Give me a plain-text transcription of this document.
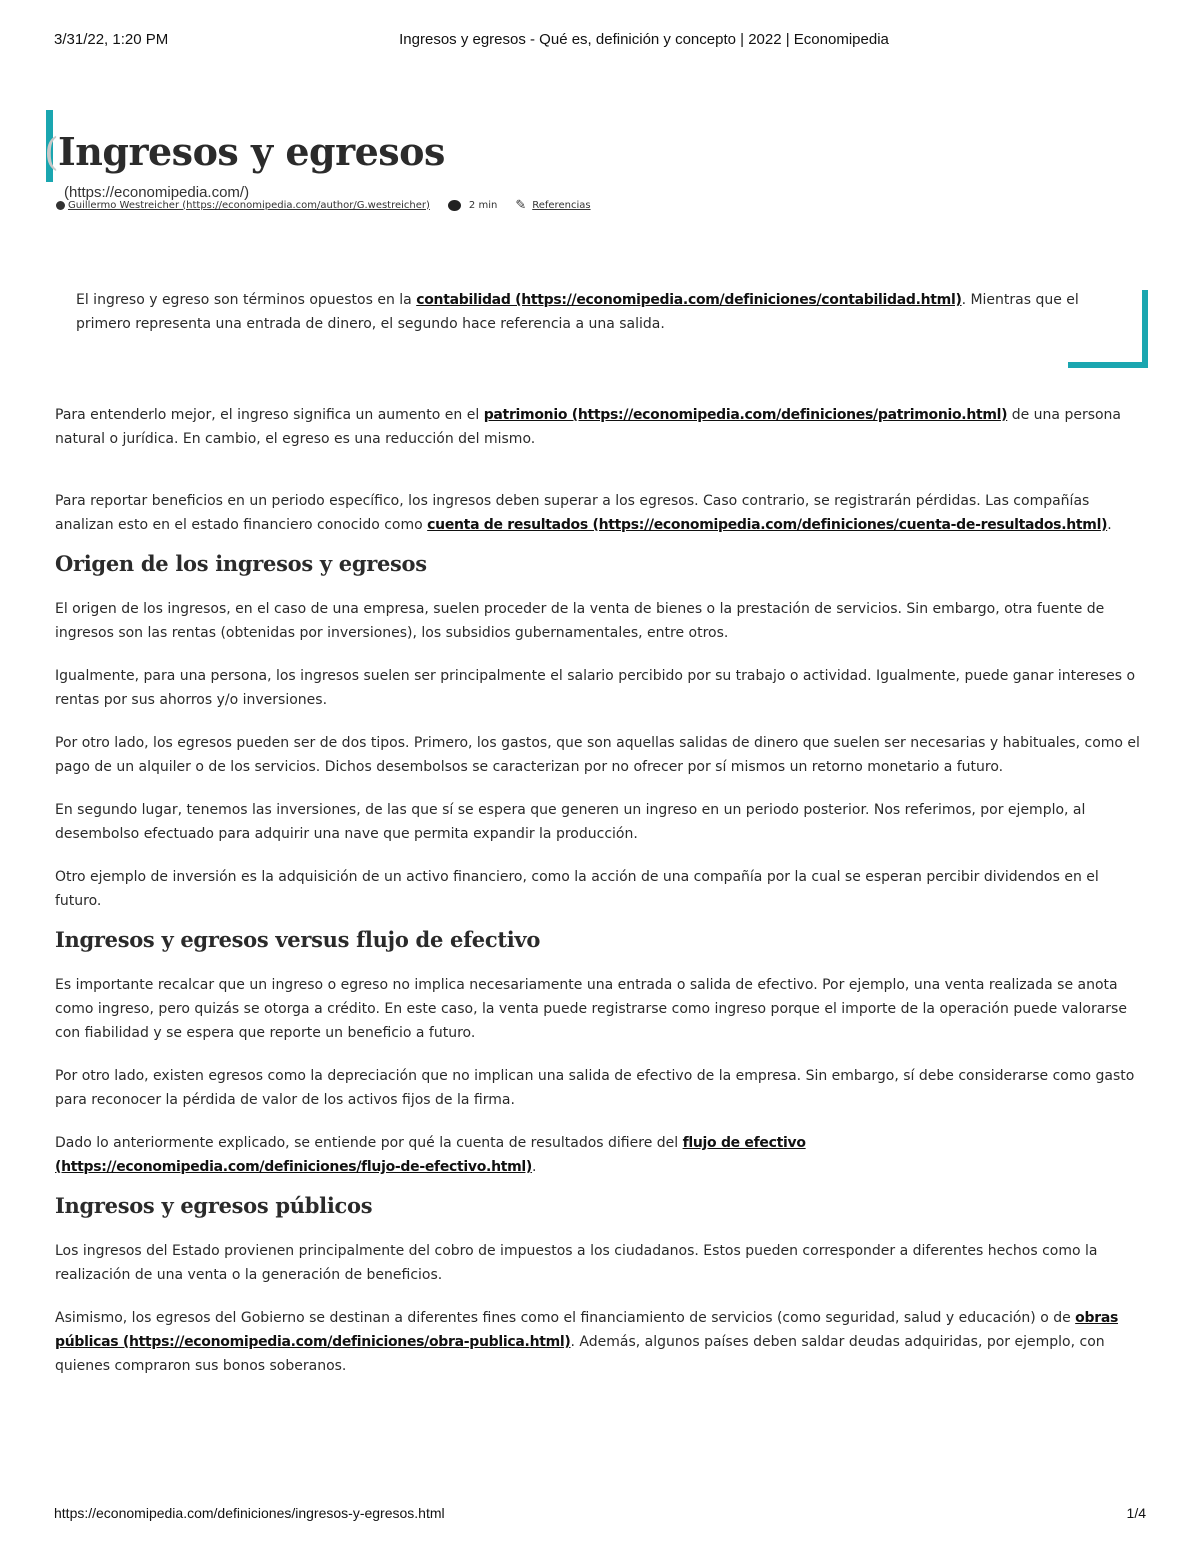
3/31/22, 1:20 PM	Ingresos y egresos - Qué es, definición y concepto | 2022 | Economipedia
( Ingresos y egresos
(https://economipedia.com/)
Guillermo Westreicher (https://economipedia.com/author/G.westreicher)	2 min ✎ Referencias

El ingreso y egreso son términos opuestos en la contabilidad (https://economipedia.com/definiciones/contabilidad.html). Mientras que el primero representa una entrada de dinero, el segundo hace referencia a una salida.

Para entenderlo mejor, el ingreso significa un aumento en el patrimonio (https://economipedia.com/definiciones/patrimonio.html) de una persona natural o jurídica. En cambio, el egreso es una reducción del mismo.

Para reportar beneficios en un periodo específico, los ingresos deben superar a los egresos. Caso contrario, se registrarán pérdidas. Las compañías analizan esto en el estado financiero conocido como cuenta de resultados (https://economipedia.com/definiciones/cuenta-de-resultados.html).

Origen de los ingresos y egresos

El origen de los ingresos, en el caso de una empresa, suelen proceder de la venta de bienes o la prestación de servicios. Sin embargo, otra fuente de ingresos son las rentas (obtenidas por inversiones), los subsidios gubernamentales, entre otros.

Igualmente, para una persona, los ingresos suelen ser principalmente el salario percibido por su trabajo o actividad. Igualmente, puede ganar intereses o rentas por sus ahorros y/o inversiones.

Por otro lado, los egresos pueden ser de dos tipos. Primero, los gastos, que son aquellas salidas de dinero que suelen ser necesarias y habituales, como el pago de un alquiler o de los servicios. Dichos desembolsos se caracterizan por no ofrecer por sí mismos un retorno monetario a futuro.

En segundo lugar, tenemos las inversiones, de las que sí se espera que generen un ingreso en un periodo posterior. Nos referimos, por ejemplo, al desembolso efectuado para adquirir una nave que permita expandir la producción.

Otro ejemplo de inversión es la adquisición de un activo financiero, como la acción de una compañía por la cual se esperan percibir dividendos en el futuro.

Ingresos y egresos versus flujo de efectivo

Es importante recalcar que un ingreso o egreso no implica necesariamente una entrada o salida de efectivo. Por ejemplo, una venta realizada se anota como ingreso, pero quizás se otorga a crédito. En este caso, la venta puede registrarse como ingreso porque el importe de la operación puede valorarse con fiabilidad y se espera que reporte un beneficio a futuro.

Por otro lado, existen egresos como la depreciación que no implican una salida de efectivo de la empresa. Sin embargo, sí debe considerarse como gasto para reconocer la pérdida de valor de los activos fijos de la firma.

Dado lo anteriormente explicado, se entiende por qué la cuenta de resultados difiere del flujo de efectivo (https://economipedia.com/definiciones/flujo-de-efectivo.html).

Ingresos y egresos públicos

Los ingresos del Estado provienen principalmente del cobro de impuestos a los ciudadanos. Estos pueden corresponder a diferentes hechos como la realización de una venta o la generación de beneficios.

Asimismo, los egresos del Gobierno se destinan a diferentes fines como el financiamiento de servicios (como seguridad, salud y educación) o de obras públicas (https://economipedia.com/definiciones/obra-publica.html). Además, algunos países deben saldar deudas adquiridas, por ejemplo, con quienes compraron sus bonos soberanos.

https://economipedia.com/definiciones/ingresos-y-egresos.html	1/4
